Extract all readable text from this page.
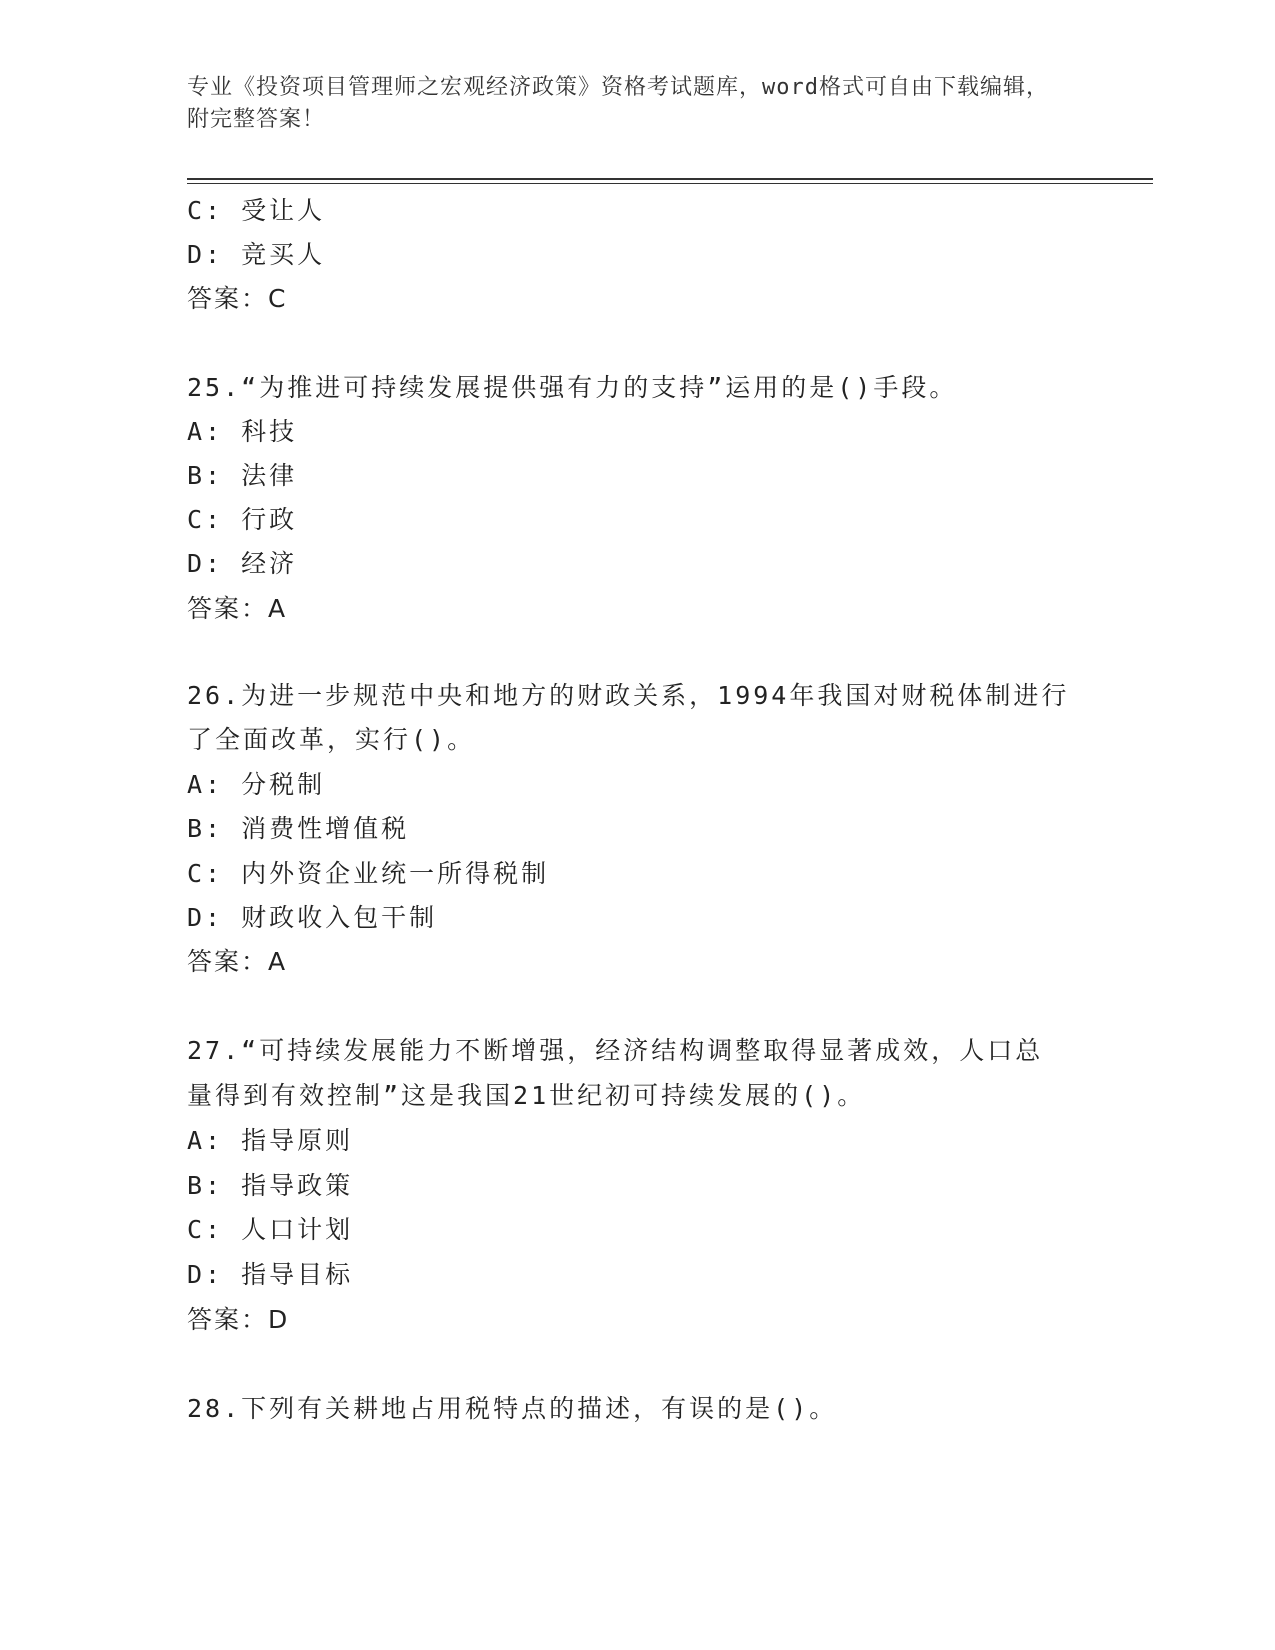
专业《投资项目管理师之宏观经济政策》资格考试题库，word格式可自由下载编辑，附完整答案！
C: 受让人
D: 竞买人
答案：C
25.“为推进可持续发展提供强有力的支持”运用的是()手段。
A: 科技
B: 法律
C: 行政
D: 经济
答案：A
26.为进一步规范中央和地方的财政关系，1994年我国对财税体制进行
了全面改革，实行()。
A: 分税制
B: 消费性增值税
C: 内外资企业统一所得税制
D: 财政收入包干制
答案：A
27.“可持续发展能力不断增强，经济结构调整取得显著成效，人口总
量得到有效控制”这是我国21世纪初可持续发展的()。
A: 指导原则
B: 指导政策
C: 人口计划
D: 指导目标
答案：D
28.下列有关耕地占用税特点的描述，有误的是()。
